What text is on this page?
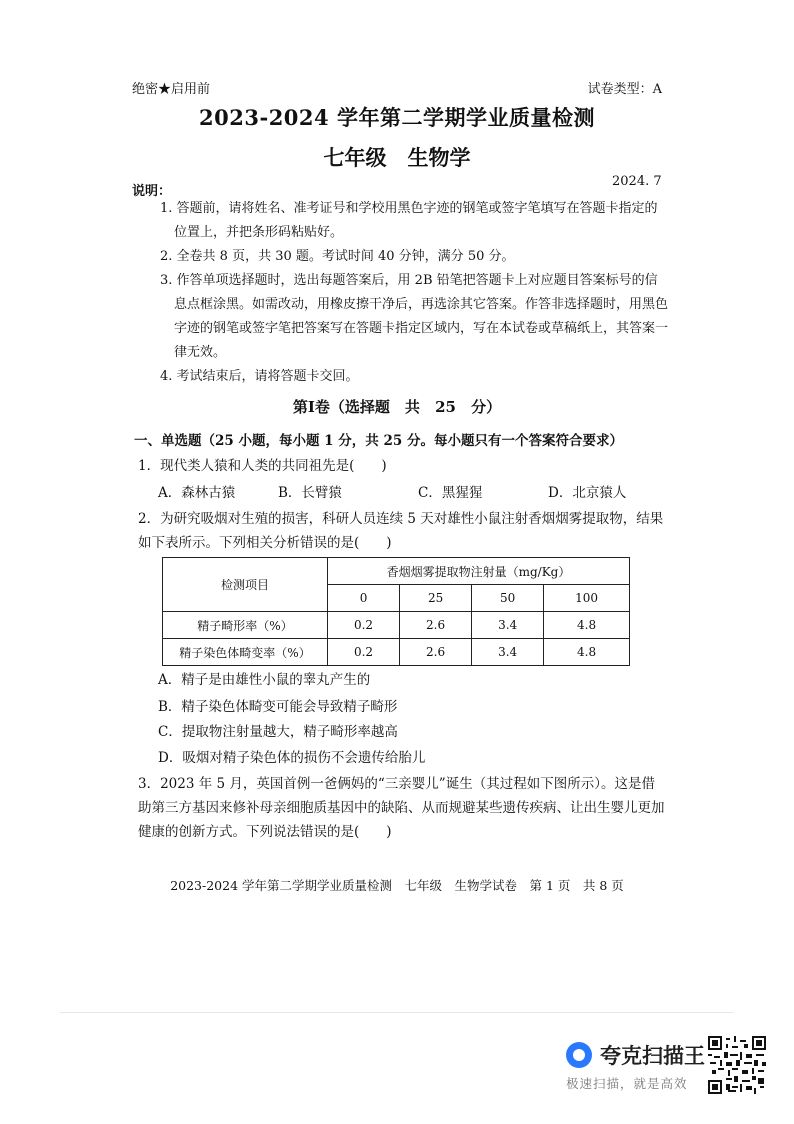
绝密★启用前	试卷类型：A
2023-2024 学年第二学期学业质量检测
七年级　生物学
说明：
2024. 7
1. 答题前，请将姓名、准考证号和学校用黑色字迹的钢笔或签字笔填写在答题卡指定的位置上，并把条形码粘贴好。
2. 全卷共 8 页，共 30 题。考试时间 40 分钟，满分 50 分。
3. 作答单项选择题时，选出每题答案后，用 2B 铅笔把答题卡上对应题目答案标号的信息点框涂黑。如需改动，用橡皮擦干净后，再选涂其它答案。作答非选择题时，用黑色字迹的钢笔或签字笔把答案写在答题卡指定区域内，写在本试卷或草稿纸上，其答案一律无效。
4. 考试结束后，请将答题卡交回。
第Ⅰ卷（选择题　共 25 分）
一、单选题（25 小题，每小题 1 分，共 25 分。每小题只有一个答案符合要求）
1．现代类人猿和人类的共同祖先是(　　)
A．森林古猿	B．长臂猿	C．黑猩猩	D．北京猿人
2．为研究吸烟对生殖的损害，科研人员连续 5 天对雄性小鼠注射香烟烟雾提取物，结果如下表所示。下列相关分析错误的是(　　)
检测项目	香烟烟雾提取物注射量（mg/Kg）			
	0	25	50	100
精子畸形率（%）	0.2	2.6	3.4	4.8
精子染色体畸变率（%）	0.2	2.6	3.4	4.8
A．精子是由雄性小鼠的睾丸产生的
B．精子染色体畸变可能会导致精子畸形
C．提取物注射量越大，精子畸形率越高
D．吸烟对精子染色体的损伤不会遗传给胎儿
3．2023 年 5 月，英国首例一爸俩妈的“三亲婴儿”诞生（其过程如下图所示）。这是借助第三方基因来修补母亲细胞质基因中的缺陷、从而规避某些遗传疾病、让出生婴儿更加健康的创新方式。下列说法错误的是(　　)
2023-2024 学年第二学期学业质量检测　七年级　生物学试卷　第 1 页　共 8 页
夸克扫描王
极速扫描，就是高效
